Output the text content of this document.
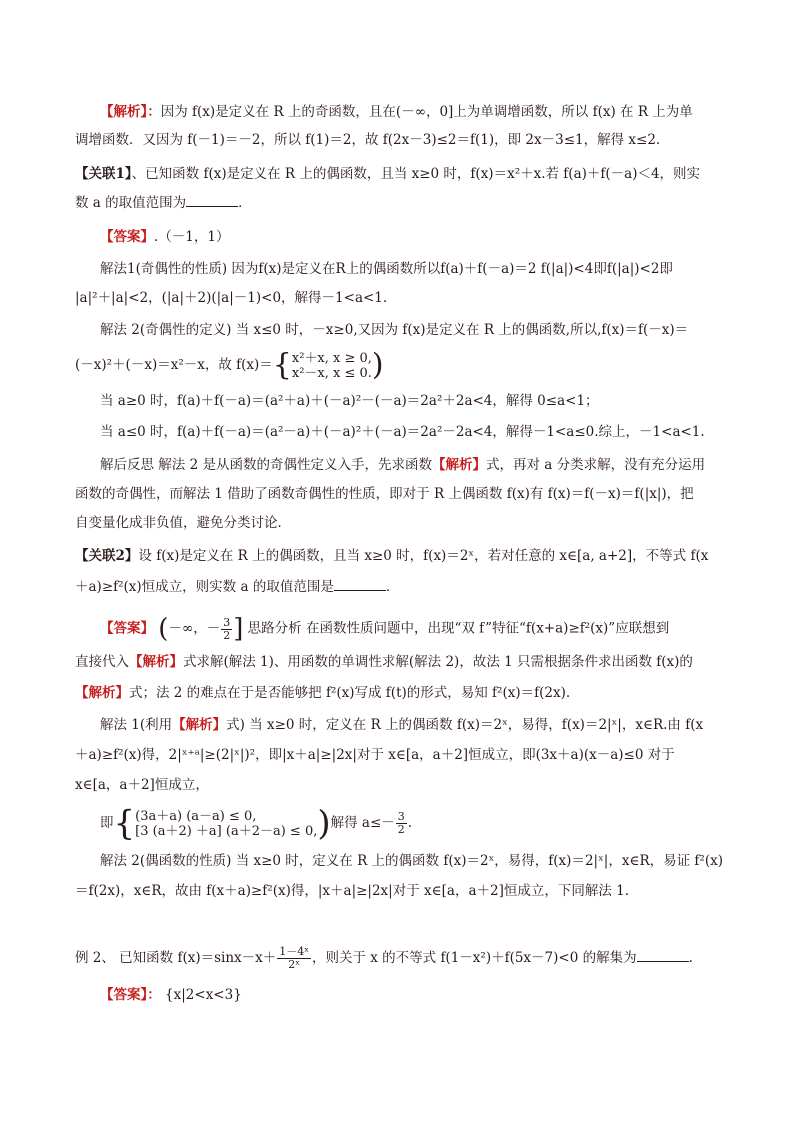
【解析】：因为 f(x)是定义在 R 上的奇函数，且在(－∞，0]上为单调增函数，所以 f(x) 在 R 上为单
调增函数．又因为 f(－1)＝－2，所以 f(1)＝2，故 f(2x－3)≤2＝f(1)，即 2x－3≤1，解得 x≤2.
【关联1】、已知函数 f(x)是定义在 R 上的偶函数，且当 x≥0 时，f(x)＝x²＋x.若 f(a)＋f(－a)＜4，则实
数 a 的取值范围为	．
【答案】.（－1，1）
解法1(奇偶性的性质) 因为f(x)是定义在R上的偶函数所以f(a)＋f(－a)＝2 f(|a|)<4即f(|a|)<2即
|a|²＋|a|<2，(|a|＋2)(|a|－1)<0，解得－1<a<1.
解法 2(奇偶性的定义) 当 x≤0 时，－x≥0,又因为 f(x)是定义在 R 上的偶函数,所以,f(x)＝f(－x)＝
(－x)²＋(－x)＝x²－x，故 f(x)＝{ x²＋x, x ≥ 0,
x²－x, x ≤ 0. )
当 a≥0 时，f(a)＋f(－a)＝(a²＋a)＋(－a)²－(－a)＝2a²＋2a<4，解得 0≤a<1；
当 a≤0 时，f(a)＋f(－a)＝(a²－a)＋(－a)²＋(－a)＝2a²－2a<4，解得－1<a≤0.综上，－1<a<1.
解后反思 解法 2 是从函数的奇偶性定义入手，先求函数【解析】式，再对 a 分类求解，没有充分运用
函数的奇偶性，而解法 1 借助了函数奇偶性的性质，即对于 R 上偶函数 f(x)有 f(x)＝f(－x)＝f(|x|)，把
自变量化成非负值，避免分类讨论．
【关联2】设 f(x)是定义在 R 上的偶函数，且当 x≥0 时，f(x)＝2ˣ，若对任意的 x∈[a, a+2]，不等式 f(x
＋a)≥f²(x)恒成立，则实数 a 的取值范围是	．
【答案】 (－∞，－ $\frac{3}{2}$ ] 思路分析 在函数性质问题中，出现“双 f”特征“f(x+a)≥f²(x)”应联想到
直接代入【解析】式求解(解法 1)、用函数的单调性求解(解法 2)，故法 1 只需根据条件求出函数 f(x)的
【解析】式；法 2 的难点在于是否能够把 f²(x)写成 f(t)的形式，易知 f²(x)＝f(2x).
解法 1(利用【解析】式) 当 x≥0 时，定义在 R 上的偶函数 f(x)＝2ˣ，易得，f(x)＝2|ˣ|，x∈R.由 f(x
＋a)≥f²(x)得，2|ˣ⁺ᵃ|≥(2|ˣ|)²，即|x＋a|≥|2x|对于 x∈[a，a＋2]恒成立，即(3x＋a)(x－a)≤0 对于
x∈[a，a＋2]恒成立，
即{ (3a＋a) (a－a) ≤ 0,
[3 (a＋2) ＋a] (a＋2－a) ≤ 0, )解得 $a\le- \frac{3}{2}$ .
解法 2(偶函数的性质) 当 x≥0 时，定义在 R 上的偶函数 f(x)＝2ˣ，易得，f(x)＝2|ˣ|，x∈R，易证 f²(x)
＝f(2x)，x∈R，故由 f(x＋a)≥f²(x)得，|x＋a|≥|2x|对于 x∈[a，a＋2]恒成立，下同解法 1.
例 2、 已知函数 $f(x)=\sin x-x+ \frac{\text{1－4ˣ}}{\text{2ˣ}}$ ，则关于 x 的不等式 f(1－x²)＋f(5x－7)<0 的解集为	.
【答案】： {x|2<x<3}
